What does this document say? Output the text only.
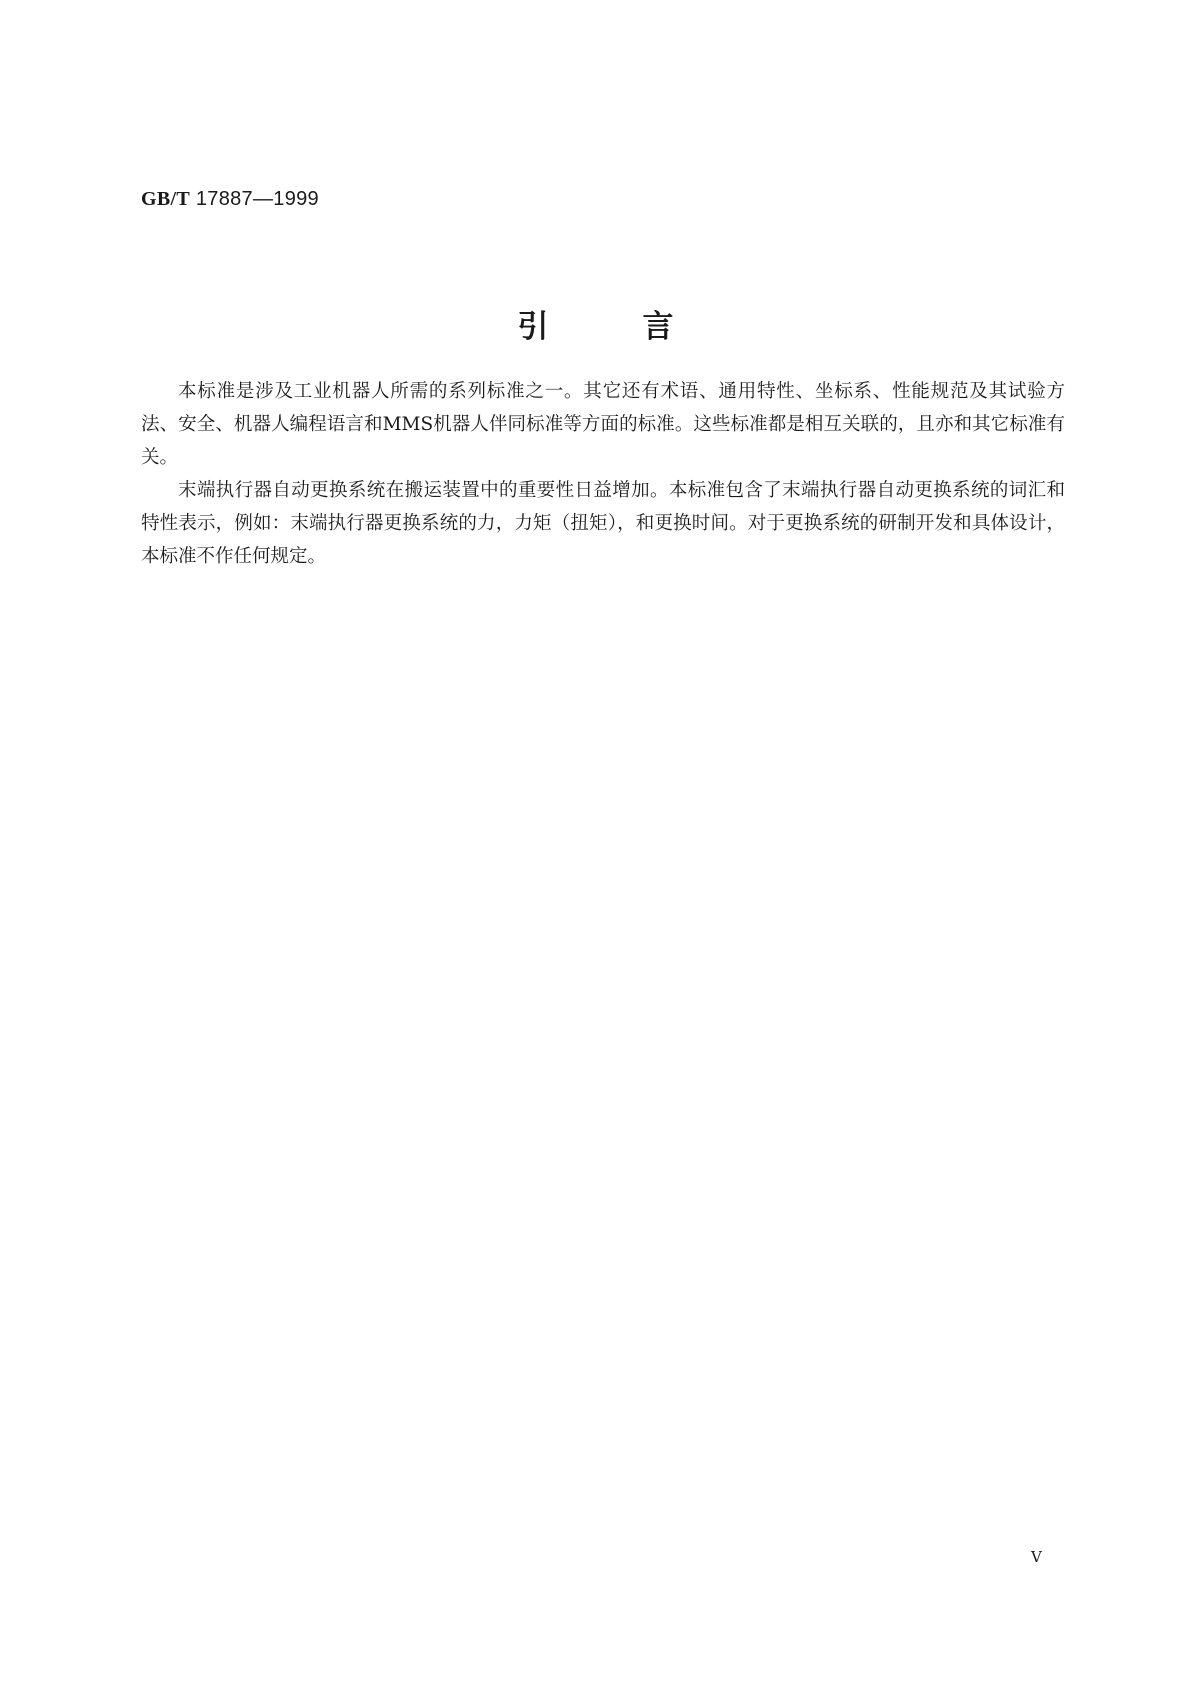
GB/T 17887—1999
引	言

本标准是涉及工业机器人所需的系列标准之一。其它还有术语、通用特性、坐标系、性能规范及其试验方法、安全、机器人编程语言和MMS机器人伴同标准等方面的标准。这些标准都是相互关联的，且亦和其它标准有关。

末端执行器自动更换系统在搬运装置中的重要性日益增加。本标准包含了末端执行器自动更换系统的词汇和特性表示，例如：末端执行器更换系统的力，力矩（扭矩），和更换时间。对于更换系统的研制开发和具体设计，本标准不作任何规定。

V
